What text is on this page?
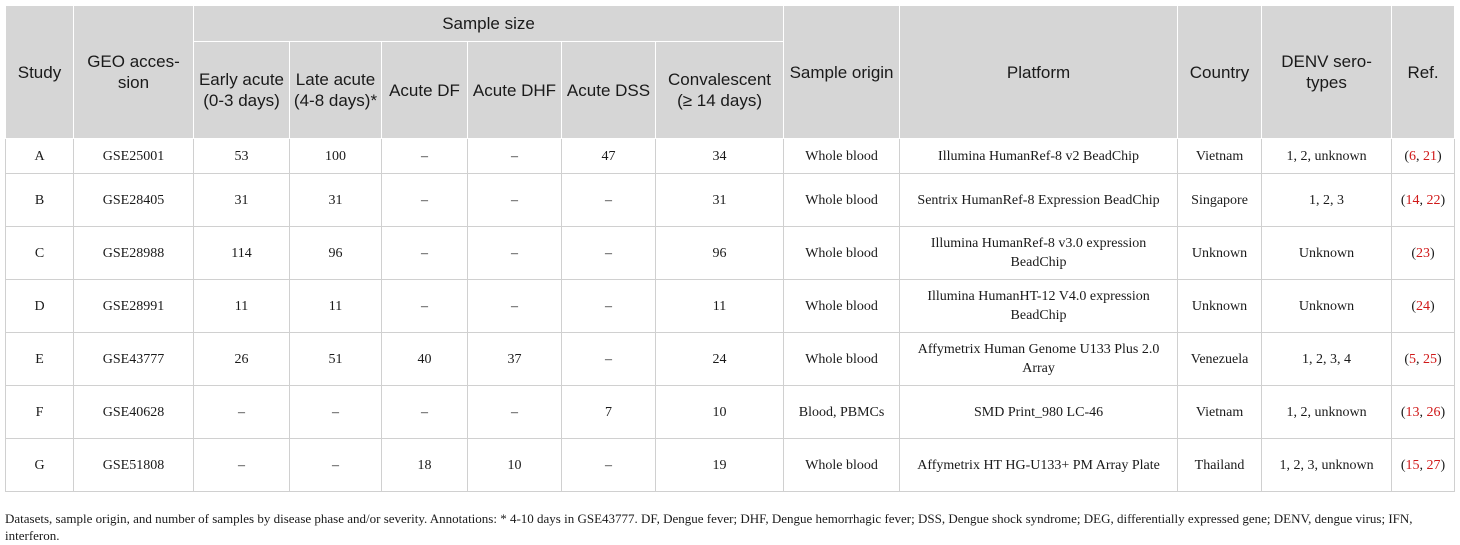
Study	GEO acces-sion	Sample size						Sample origin	Platform	Country	DENV sero-types	Ref.
		Early acute (0-3 days)	Late acute (4-8 days)*	Acute DF	Acute DHF	Acute DSS	Convalescent (≥ 14 days)					
A	GSE25001	53	100	–	–	47	34	Whole blood	Illumina HumanRef-8 v2 BeadChip	Vietnam	1, 2, unknown	(6, 21)
B	GSE28405	31	31	–	–	–	31	Whole blood	Sentrix HumanRef-8 Expression BeadChip	Singapore	1, 2, 3	(14, 22)
C	GSE28988	114	96	–	–	–	96	Whole blood	Illumina HumanRef-8 v3.0 expression BeadChip	Unknown	Unknown	(23)
D	GSE28991	11	11	–	–	–	11	Whole blood	Illumina HumanHT-12 V4.0 expression BeadChip	Unknown	Unknown	(24)
E	GSE43777	26	51	40	37	–	24	Whole blood	Affymetrix Human Genome U133 Plus 2.0 Array	Venezuela	1, 2, 3, 4	(5, 25)
F	GSE40628	–	–	–	–	7	10	Blood, PBMCs	SMD Print_980 LC-46	Vietnam	1, 2, unknown	(13, 26)
G	GSE51808	–	–	18	10	–	19	Whole blood	Affymetrix HT HG-U133+ PM Array Plate	Thailand	1, 2, 3, unknown	(15, 27)
Datasets, sample origin, and number of samples by disease phase and/or severity. Annotations: * 4-10 days in GSE43777. DF, Dengue fever; DHF, Dengue hemorrhagic fever; DSS, Dengue shock syndrome; DEG, differentially expressed gene; DENV, dengue virus; IFN, interferon.
